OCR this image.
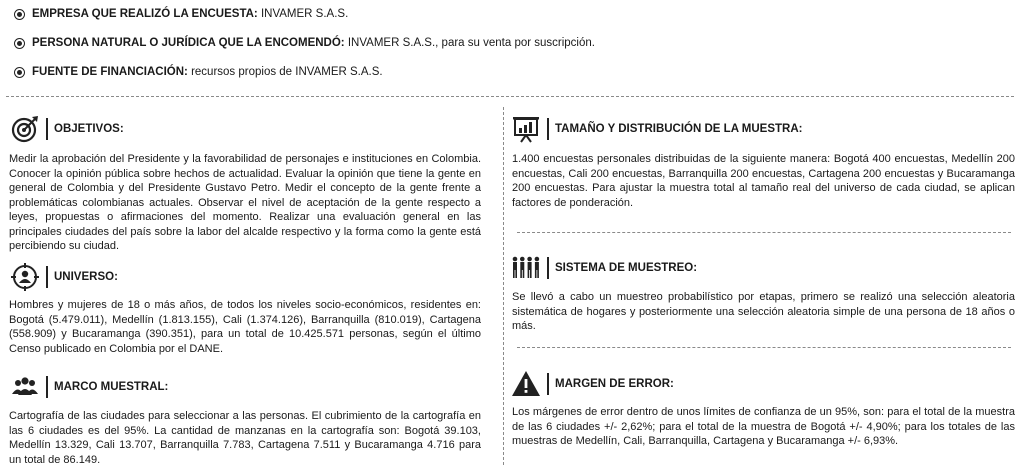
EMPRESA QUE REALIZÓ LA ENCUESTA: INVAMER S.A.S.
PERSONA NATURAL O JURÍDICA QUE LA ENCOMENDÓ: INVAMER S.A.S., para su venta por suscripción.
FUENTE DE FINANCIACIÓN: recursos propios de INVAMER S.A.S.
OBJETIVOS:
Medir la aprobación del Presidente y la favorabilidad de personajes e instituciones en Colombia. Conocer la opinión pública sobre hechos de actualidad. Evaluar la opinión que tiene la gente en general de Colombia y del Presidente Gustavo Petro. Medir el concepto de la gente frente a problemáticas colombianas actuales. Observar el nivel de aceptación de la gente respecto a leyes, propuestas o afirmaciones del momento. Realizar una evaluación general en las principales ciudades del país sobre la labor del alcalde respectivo y la forma como la gente está percibiendo su ciudad.
UNIVERSO:
Hombres y mujeres de 18 o más años, de todos los niveles socio-económicos, residentes en: Bogotá (5.479.011), Medellín (1.813.155), Cali (1.374.126), Barranquilla (810.019), Cartagena (558.909) y Bucaramanga (390.351), para un total de 10.425.571 personas, según el último Censo publicado en Colombia por el DANE.
MARCO MUESTRAL:
Cartografía de las ciudades para seleccionar a las personas. El cubrimiento de la cartografía en las 6 ciudades es del 95%. La cantidad de manzanas en la cartografía son: Bogotá 39.103, Medellín 13.329, Cali 13.707, Barranquilla 7.783, Cartagena 7.511 y Bucaramanga 4.716 para un total de 86.149.
TAMAÑO Y DISTRIBUCIÓN DE LA MUESTRA:
1.400 encuestas personales distribuidas de la siguiente manera: Bogotá 400 encuestas, Medellín 200 encuestas, Cali 200 encuestas, Barranquilla 200 encuestas, Cartagena 200 encuestas y Bucaramanga 200 encuestas. Para ajustar la muestra total al tamaño real del universo de cada ciudad, se aplican factores de ponderación.
SISTEMA DE MUESTREO:
Se llevó a cabo un muestreo probabilístico por etapas, primero se realizó una selección aleatoria sistemática de hogares y posteriormente una selección aleatoria simple de una persona de 18 años o más.
MARGEN DE ERROR:
Los márgenes de error dentro de unos límites de confianza de un 95%, son: para el total de la muestra de las 6 ciudades +/- 2,62%; para el total de la muestra de Bogotá +/- 4,90%; para los totales de las muestras de Medellín, Cali, Barranquilla, Cartagena y Bucaramanga +/- 6,93%.
